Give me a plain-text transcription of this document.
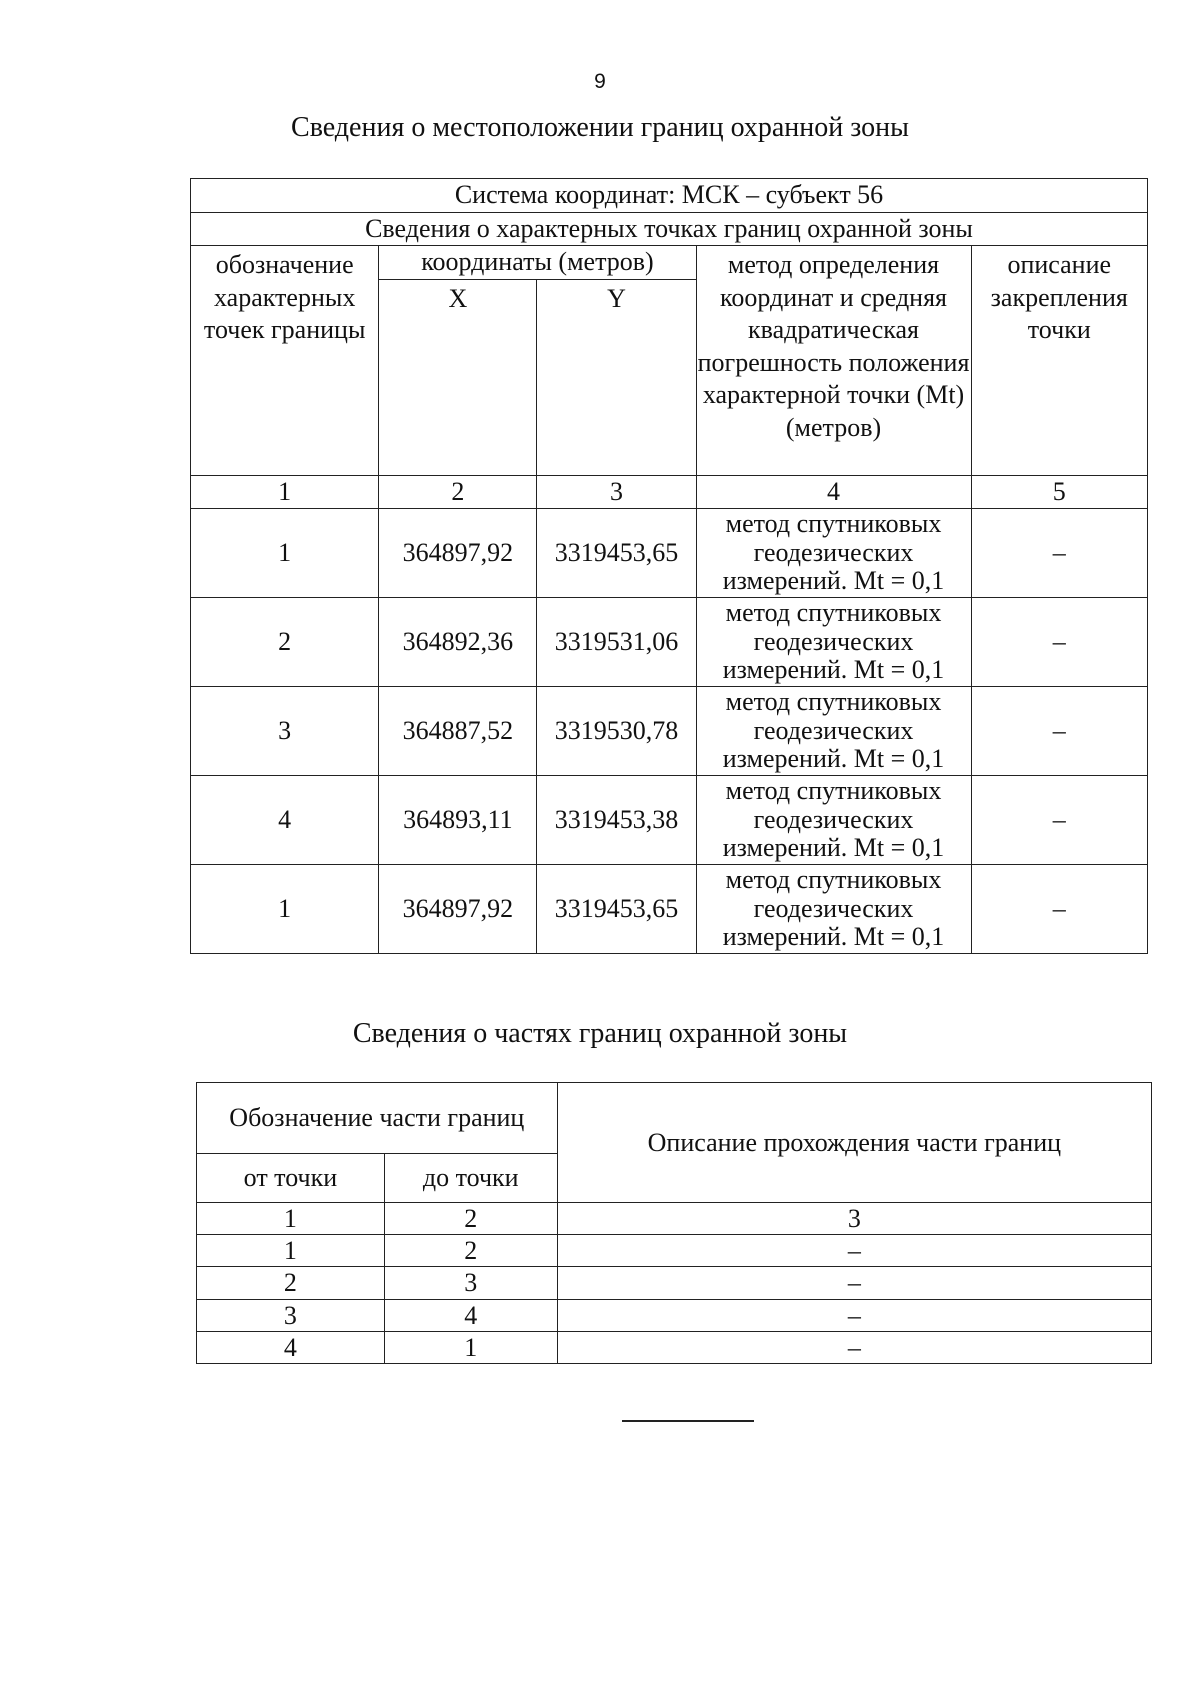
9
Сведения о местоположении границ охранной зоны
Система координат: МСК – субъект 56				
Сведения о характерных точках границ охранной зоны				
обозначение характерных точек границы	координаты (метров)		метод определения координат и средняя квадратическая погрешность положения характерной точки (Mt) (метров)	описание закрепления точки
	X	Y		
1	2	3	4	5
1	364897,92	3319453,65	метод спутниковых геодезических измерений. Mt = 0,1	–
2	364892,36	3319531,06	метод спутниковых геодезических измерений. Mt = 0,1	–
3	364887,52	3319530,78	метод спутниковых геодезических измерений. Mt = 0,1	–
4	364893,11	3319453,38	метод спутниковых геодезических измерений. Mt = 0,1	–
1	364897,92	3319453,65	метод спутниковых геодезических измерений. Mt = 0,1	–
Сведения о частях границ охранной зоны
Обозначение части границ		Описание прохождения части границ
от точки	до точки	
1	2	3
1	2	–
2	3	–
3	4	–
4	1	–
